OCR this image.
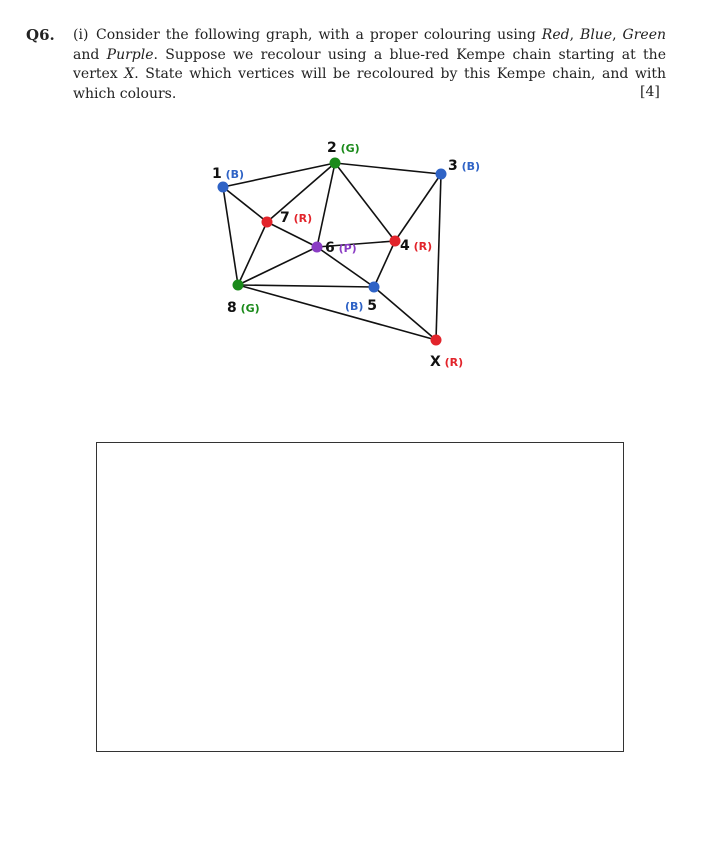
Q6. (i) Consider the following graph, with a proper colouring using Red, Blue, Green and Purple. Suppose we recolour using a blue-red Kempe chain starting at the vertex X. State which vertices will be recoloured by this Kempe chain, and with which colours.	[4]
1 (B)
2 (G)
3 (B)
4 (R)
(B) 5
6 (P)
7 (R)
8 (G)
X (R)
